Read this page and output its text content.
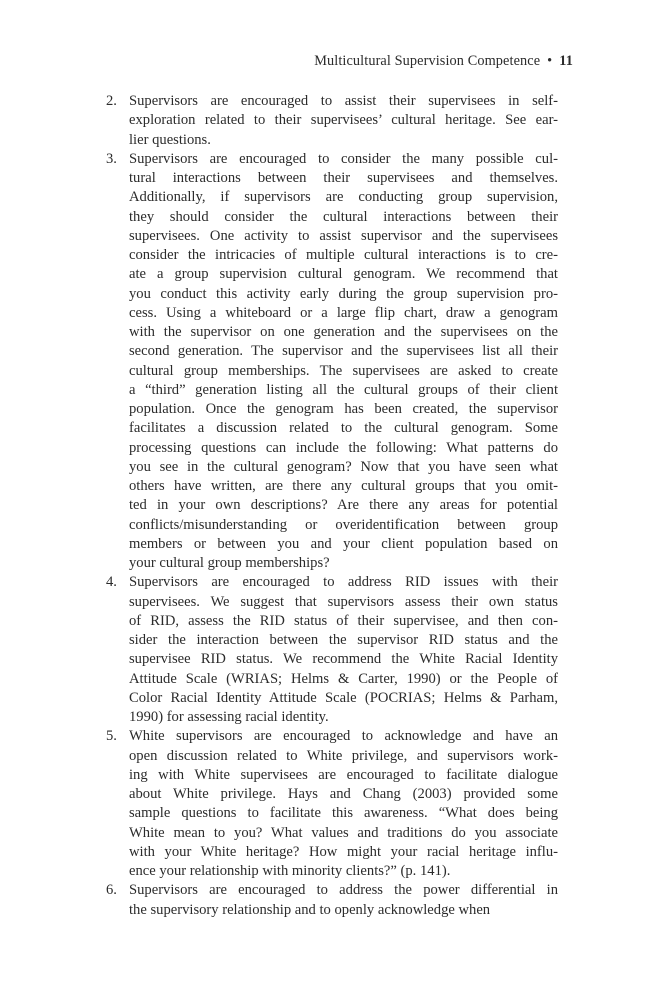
Multicultural Supervision Competence • 11
2. Supervisors are encouraged to assist their supervisees in self-
exploration related to their supervisees’ cultural heritage. See ear-
lier questions.
3. Supervisors are encouraged to consider the many possible cul-
tural interactions between their supervisees and themselves.
Additionally, if supervisors are conducting group supervision,
they should consider the cultural interactions between their
supervisees. One activity to assist supervisor and the supervisees
consider the intricacies of multiple cultural interactions is to cre-
ate a group supervision cultural genogram. We recommend that
you conduct this activity early during the group supervision pro-
cess. Using a whiteboard or a large flip chart, draw a genogram
with the supervisor on one generation and the supervisees on the
second generation. The supervisor and the supervisees list all their
cultural group memberships. The supervisees are asked to create
a “third” generation listing all the cultural groups of their client
population. Once the genogram has been created, the supervisor
facilitates a discussion related to the cultural genogram. Some
processing questions can include the following: What patterns do
you see in the cultural genogram? Now that you have seen what
others have written, are there any cultural groups that you omit-
ted in your own descriptions? Are there any areas for potential
conflicts/misunderstanding or overidentification between group
members or between you and your client population based on
your cultural group memberships?
4. Supervisors are encouraged to address RID issues with their
supervisees. We suggest that supervisors assess their own status
of RID, assess the RID status of their supervisee, and then con-
sider the interaction between the supervisor RID status and the
supervisee RID status. We recommend the White Racial Identity
Attitude Scale (WRIAS; Helms & Carter, 1990) or the People of
Color Racial Identity Attitude Scale (POCRIAS; Helms & Parham,
1990) for assessing racial identity.
5. White supervisors are encouraged to acknowledge and have an
open discussion related to White privilege, and supervisors work-
ing with White supervisees are encouraged to facilitate dialogue
about White privilege. Hays and Chang (2003) provided some
sample questions to facilitate this awareness. “What does being
White mean to you? What values and traditions do you associate
with your White heritage? How might your racial heritage influ-
ence your relationship with minority clients?” (p. 141).
6. Supervisors are encouraged to address the power differential in
the supervisory relationship and to openly acknowledge when
